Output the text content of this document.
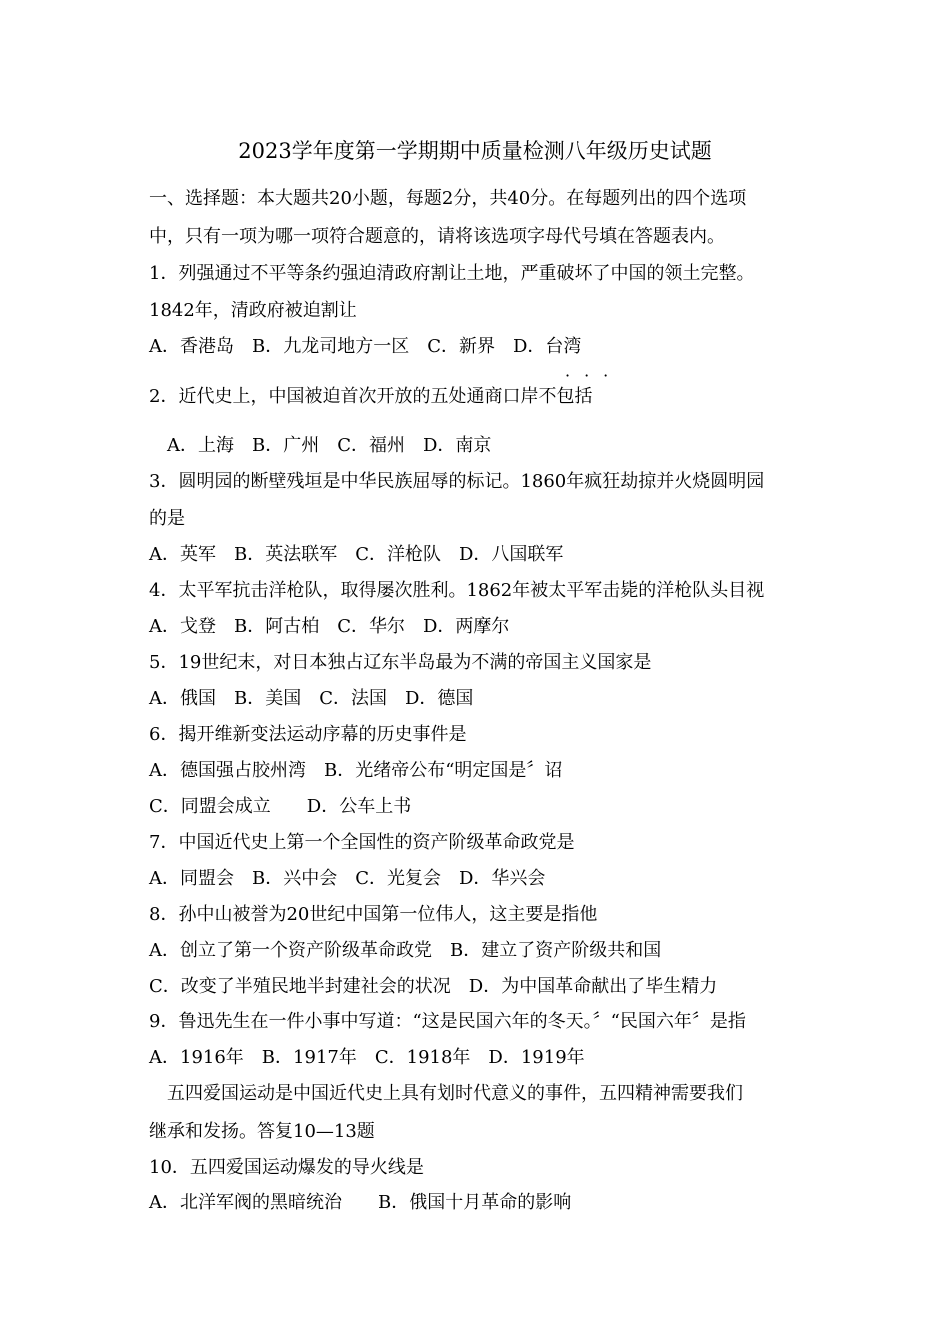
2023学年度第一学期期中质量检测八年级历史试题
一、选择题：本大题共20小题，每题2分，共40分。在每题列出的四个选项
中，只有一项为哪一项符合题意的，请将该选项字母代号填在答题表内。
1．列强通过不平等条约强迫清政府割让土地，严重破坏了中国的领土完整。
1842年，清政府被迫割让
A．香港岛　B．九龙司地方一区　C．新界　D．台湾
···
2．近代史上，中国被迫首次开放的五处通商口岸不包括
　A．上海　B．广州　C．福州　D．南京
3．圆明园的断壁残垣是中华民族屈辱的标记。1860年疯狂劫掠并火烧圆明园
的是
A．英军　B．英法联军　C．洋枪队　D．八国联军
4．太平军抗击洋枪队，取得屡次胜利。1862年被太平军击毙的洋枪队头目视
A．戈登　B．阿古柏　C．华尔　D．两摩尔
5．19世纪末，对日本独占辽东半岛最为不满的帝国主义国家是
A．俄国　B．美国　C．法国　D．德国
6．揭开维新变法运动序幕的历史事件是
A．德国强占胶州湾　B．光绪帝公布“明定国是〞诏
C．同盟会成立　　D．公车上书
7．中国近代史上第一个全国性的资产阶级革命政党是
A．同盟会　B．兴中会　C．光复会　D．华兴会
8．孙中山被誉为20世纪中国第一位伟人，这主要是指他
A．创立了第一个资产阶级革命政党　B．建立了资产阶级共和国
C．改变了半殖民地半封建社会的状况　D．为中国革命献出了毕生精力
9．鲁迅先生在一件小事中写道：“这是民国六年的冬天。〞“民国六年〞是指
A．1916年　B．1917年　C．1918年　D．1919年
　五四爱国运动是中国近代史上具有划时代意义的事件，五四精神需要我们
继承和发扬。答复10—13题
10．五四爱国运动爆发的导火线是
A．北洋军阀的黑暗统治　　B．俄国十月革命的影响
